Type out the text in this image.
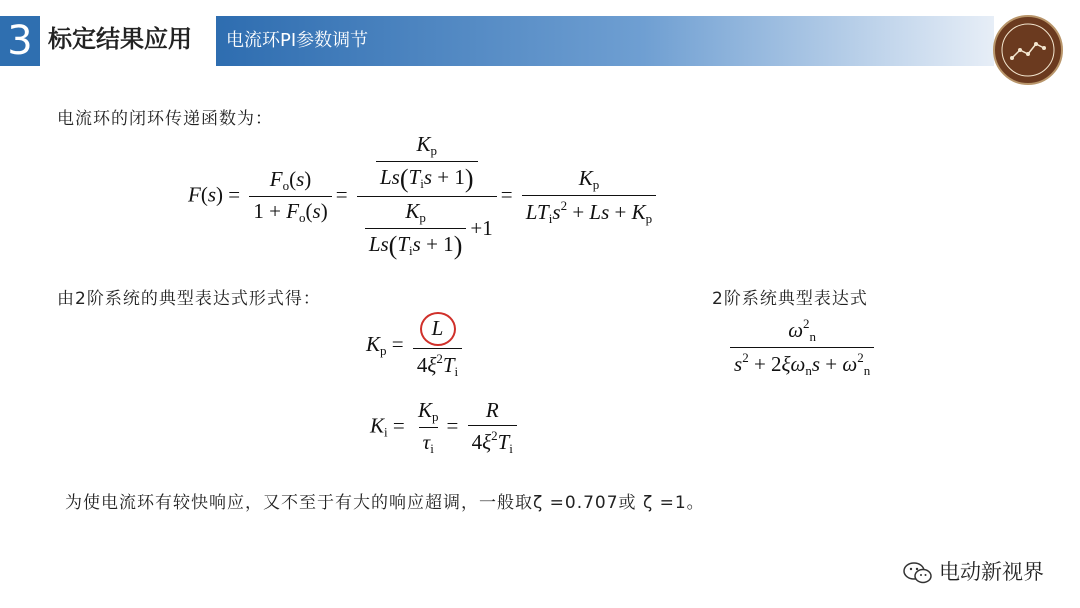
3 标定结果应用 电流环PI参数调节
电流环的闭环传递函数为：
$F(s) = \frac{F_o(s)}{1 + F_o(s)} = \frac{\frac{K_p}{Ls(T_is + 1)}}{\frac{K_p}{Ls(T_is + 1)} +1} = \frac{K_p}{LT_is^2 + Ls + K_p}$
由2阶系统的典型表达式形式得：	2阶系统典型表达式
$K_p = \frac{L}{4\xi^2T_i}$	$\frac{\omega^2_n}{s^2 + 2\xi\omega_ns + \omega^2_n}$
$K_i = \frac{K_p}{\tau_i} = \frac{R}{4\xi^2T_i}$
为使电流环有较快响应，又不至于有大的响应超调，一般取ζ =0.707或 ζ =1。
电动新视界
